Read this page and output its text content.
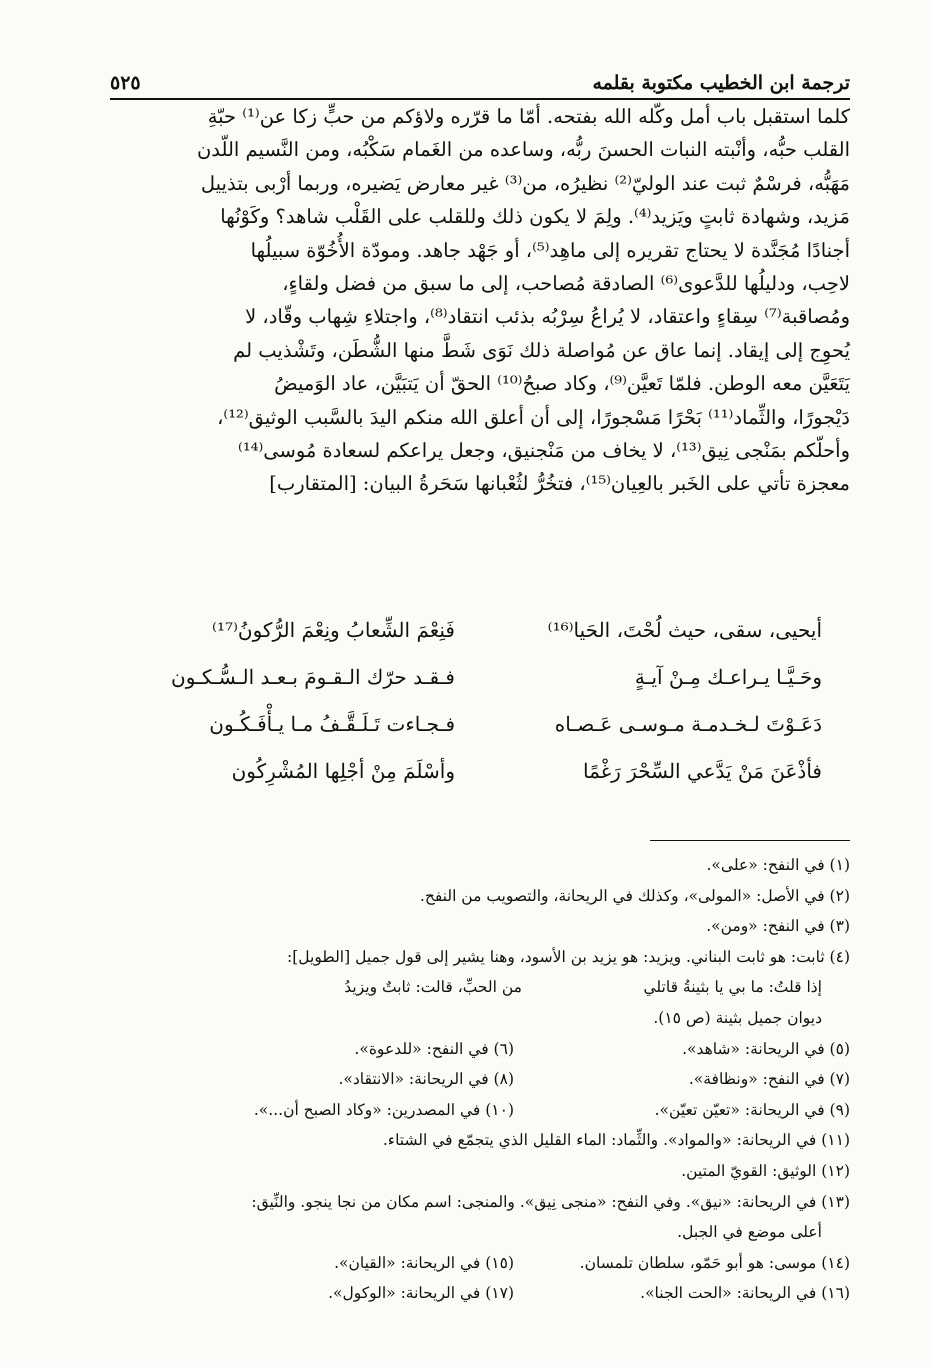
ترجمة ابن الخطيب مكتوبة بقلمه
٥٢٥
كلما استقبل باب أمل وكّله الله بفتحه. أمّا ما قرّره ولاؤكم من حبٍّ زكا عن⁽¹⁾ حبّةِ
القلب حبُّه، وأنْبته النبات الحسنَ ربُّه، وساعده من الغَمام سَكْبُه، ومن النَّسيم اللّدن
مَهَبُّه، فرسْمٌ ثبت عند الوليّ⁽²⁾ نظيرُه، من⁽³⁾ غير معارض يَضيره، وربما أرْبى بتذييل
مَزيد، وشهادة ثابتٍ ويَزيد⁽⁴⁾. ولِمَ لا يكون ذلك وللقلب على القَلْب شاهد؟ وكَوْنُها
أجنادًا مُجَنَّدة لا يحتاج تقريره إلى ماهِد⁽⁵⁾، أو جَهْد جاهد. ومودّة الأُخُوّة سبيلُها
لاحِب، ودليلُها للدَّعوى⁽⁶⁾ الصادقة مُصاحب، إلى ما سبق من فضل ولقاءٍ،
ومُصاقبة⁽⁷⁾ سِقاءٍ واعتقاد، لا يُراعُ سِرْبُه بذئب انتقاد⁽⁸⁾، واجتلاءِ شِهاب وقّاد، لا
يُحوِج إلى إيقاد. إنما عاق عن مُواصلة ذلك نَوَى شَطَّ منها الشُّطَن، وتَشْذيب لم
يَتَعَيَّن معه الوطن. فلمّا تَعيَّن⁽⁹⁾، وكاد صبحُ⁽¹⁰⁾ الحقّ أن يَتبَيَّن، عاد الوَميضُ
دَيْجورًا، والثِّماد⁽¹¹⁾ بَحْرًا مَسْجورًا، إلى أن أعلق الله منكم اليدَ بالسَّبب الوثيق⁽¹²⁾،
وأحلّكم بمَنْجى نِيق⁽¹³⁾، لا يخاف من مَنْجنيق، وجعل يراعكم لسعادة مُوسى⁽¹⁴⁾
معجزة تأتي على الخَبر بالعِيان⁽¹⁵⁾، فتخُرُّ لثُعْبانها سَحَرةُ البيان: [المتقارب]
أيحيى، سقى، حيث لُحْتَ، الحَيا⁽¹⁶⁾
فَنِعْمَ الشِّعابُ ونِعْمَ الرُّكونُ⁽¹⁷⁾
وحَـيَّـا يـراعـك مِـنْ آيـةٍ
فـقـد حرّك الـقـومَ بـعـد الـسُّـكـون
دَعَـوْتَ لـخـدمـة مـوسـى عَـصـاه
فـجـاءت تَـلَـقَّـفُ مـا يـأْفَـكُـون
فأذْعَنَ مَنْ يَدَّعي السِّحْرَ رَغْمًا
وأسْلَمَ مِنْ أجْلِها المُشْرِكُون
(١) في النفح: «على».
(٢) في الأصل: «المولى»، وكذلك في الريحانة، والتصويب من النفح.
(٣) في النفح: «ومن».
(٤) ثابت: هو ثابت البناني. ويزيد: هو يزيد بن الأسود، وهنا يشير إلى قول جميل [الطويل]:
إذا قلتُ: ما بي يا بثينةُ قاتلي
من الحبِّ، قالت: ثابتٌ ويزيدُ
ديوان جميل بثينة (ص ١٥).
(٥) في الريحانة: «شاهد».
(٦) في النفح: «للدعوة».
(٧) في النفح: «ونظافة».
(٨) في الريحانة: «الانتقاد».
(٩) في الريحانة: «تعيّن تعيّن».
(١٠) في المصدرين: «وكاد الصبح أن...».
(١١) في الريحانة: «والمواد». والثِّماد: الماء القليل الذي يتجمّع في الشتاء.
(١٢) الوثيق: القويّ المتين.
(١٣) في الريحانة: «نيق». وفي النفح: «منجى نِيق». والمنجى: اسم مكان من نجا ينجو. والنِّيق:
أعلى موضع في الجبل.
(١٤) موسى: هو أبو حَمّو، سلطان تلمسان.
(١٥) في الريحانة: «القيان».
(١٦) في الريحانة: «الحت الجنا».
(١٧) في الريحانة: «الوكول».
